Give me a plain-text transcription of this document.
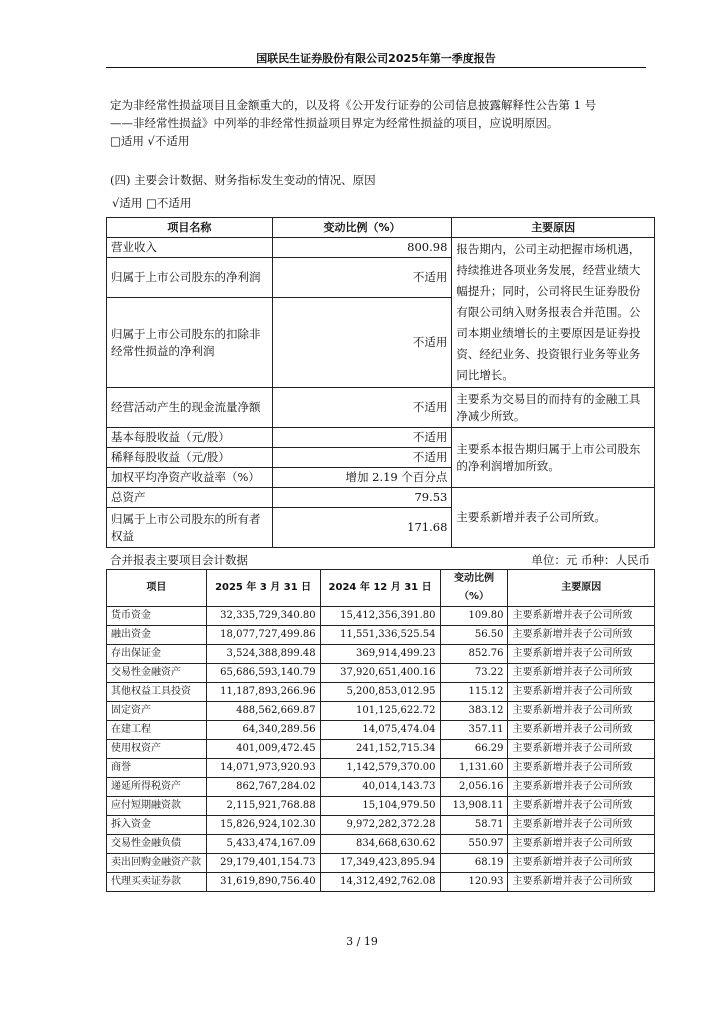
国联民生证券股份有限公司2025年第一季度报告
定为非经常性损益项目且金额重大的，以及将《公开发行证券的公司信息披露解释性公告第 1 号
——非经常性损益》中列举的非经常性损益项目界定为经常性损益的项目，应说明原因。
□适用 √不适用
(四) 主要会计数据、财务指标发生变动的情况、原因
√适用 □不适用
项目名称	变动比例（%）	主要原因
营业收入	800.98	报告期内，公司主动把握市场机遇，持续推进各项业务发展，经营业绩大幅提升；同时，公司将民生证券股份有限公司纳入财务报表合并范围。公司本期业绩增长的主要原因是证券投资、经纪业务、投资银行业务等业务同比增长。
归属于上市公司股东的净利润	不适用	
归属于上市公司股东的扣除非经常性损益的净利润	不适用	
经营活动产生的现金流量净额	不适用	主要系为交易目的而持有的金融工具净减少所致。
基本每股收益（元/股）	不适用	主要系本报告期归属于上市公司股东的净利润增加所致。
稀释每股收益（元/股）	不适用	
加权平均净资产收益率（%）	增加 2.19 个百分点	
总资产	79.53	主要系新增并表子公司所致。
归属于上市公司股东的所有者权益	171.68	
合并报表主要项目会计数据	单位：元 币种：人民币
项目	2025 年 3 月 31 日	2024 年 12 月 31 日	变动比例（%）	主要原因
货币资金	32,335,729,340.80	15,412,356,391.80	109.80	主要系新增并表子公司所致
融出资金	18,077,727,499.86	11,551,336,525.54	56.50	主要系新增并表子公司所致
存出保证金	3,524,388,899.48	369,914,499.23	852.76	主要系新增并表子公司所致
交易性金融资产	65,686,593,140.79	37,920,651,400.16	73.22	主要系新增并表子公司所致
其他权益工具投资	11,187,893,266.96	5,200,853,012.95	115.12	主要系新增并表子公司所致
固定资产	488,562,669.87	101,125,622.72	383.12	主要系新增并表子公司所致
在建工程	64,340,289.56	14,075,474.04	357.11	主要系新增并表子公司所致
使用权资产	401,009,472.45	241,152,715.34	66.29	主要系新增并表子公司所致
商誉	14,071,973,920.93	1,142,579,370.00	1,131.60	主要系新增并表子公司所致
递延所得税资产	862,767,284.02	40,014,143.73	2,056.16	主要系新增并表子公司所致
应付短期融资款	2,115,921,768.88	15,104,979.50	13,908.11	主要系新增并表子公司所致
拆入资金	15,826,924,102.30	9,972,282,372.28	58.71	主要系新增并表子公司所致
交易性金融负债	5,433,474,167.09	834,668,630.62	550.97	主要系新增并表子公司所致
卖出回购金融资产款	29,179,401,154.73	17,349,423,895.94	68.19	主要系新增并表子公司所致
代理买卖证券款	31,619,890,756.40	14,312,492,762.08	120.93	主要系新增并表子公司所致
3 / 19
